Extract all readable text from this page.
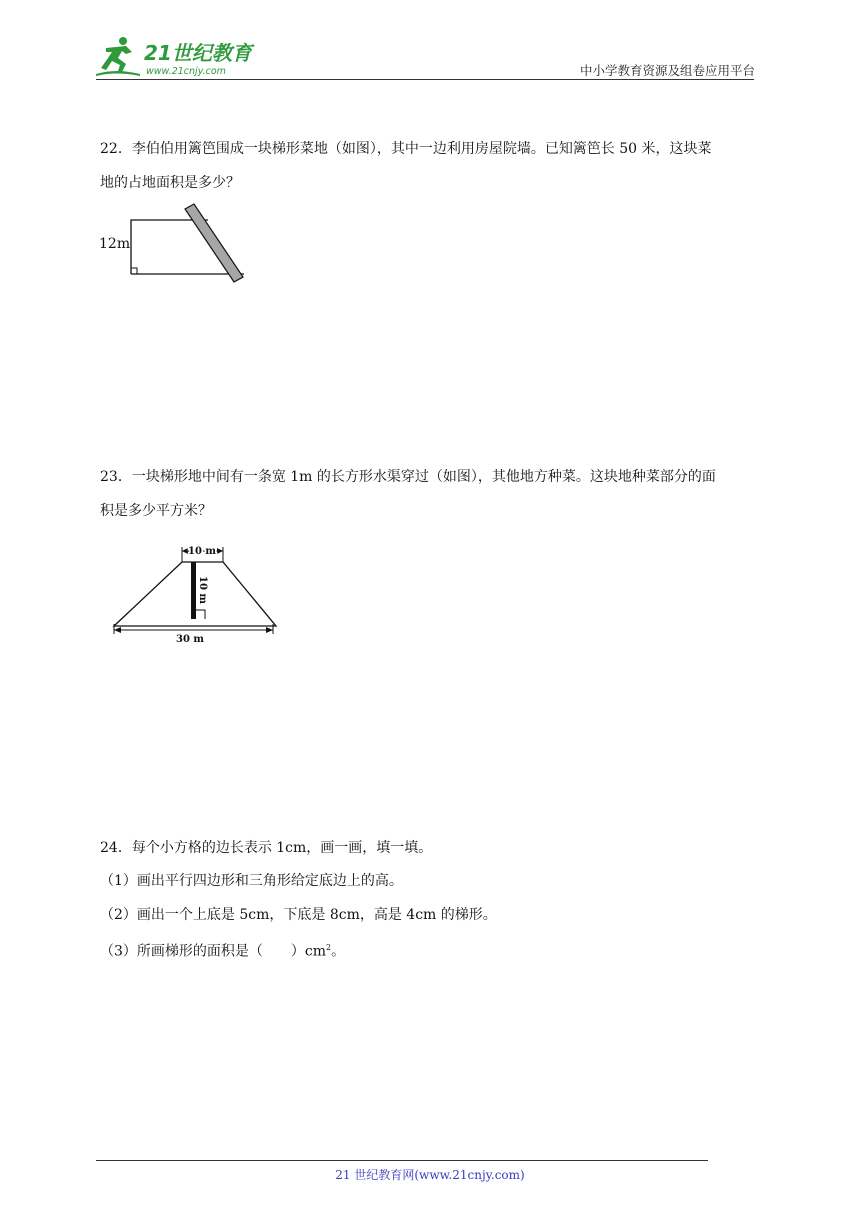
21世纪教育
www.21cnjy.com	中小学教育资源及组卷应用平台
22．李伯伯用篱笆围成一块梯形菜地（如图），其中一边利用房屋院墙。已知篱笆长 50 米，这块菜
地的占地面积是多少？
12m
23．一块梯形地中间有一条宽 1m 的长方形水渠穿过（如图），其他地方种菜。这块地种菜部分的面
积是多少平方米？
10 m
10 m
30 m
24．每个小方格的边长表示 1cm，画一画，填一填。
（1）画出平行四边形和三角形给定底边上的高。
（2）画出一个上底是 5cm，下底是 8cm，高是 4cm 的梯形。
（3）所画梯形的面积是（　　）$cm^2$。
21 世纪教育网(www.21cnjy.com)
